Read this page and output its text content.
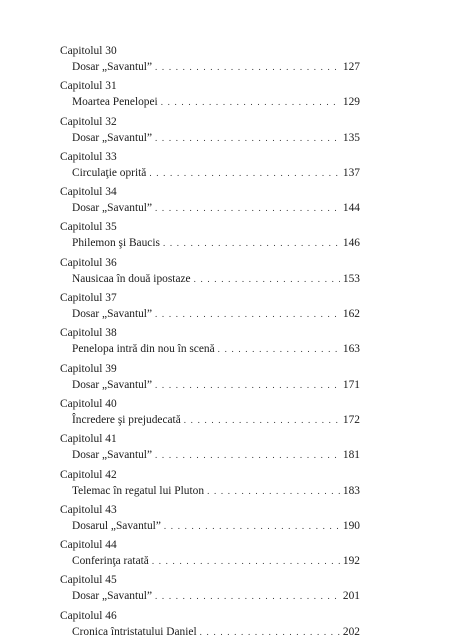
Capitolul 30
Dosar „Savantul” . . .	127
Capitolul 31
Moartea Penelopei . . .	129
Capitolul 32
Dosar „Savantul” . . .	135
Capitolul 33
Circulaţie oprită . . .	137
Capitolul 34
Dosar „Savantul” . . .	144
Capitolul 35
Philemon şi Baucis . . .	146
Capitolul 36
Nausicaa în două ipostaze . . .	153
Capitolul 37
Dosar „Savantul” . . .	162
Capitolul 38
Penelopa intră din nou în scenă . . .	163
Capitolul 39
Dosar „Savantul” . . .	171
Capitolul 40
Încredere şi prejudecată . . .	172
Capitolul 41
Dosar „Savantul” . . .	181
Capitolul 42
Telemac în regatul lui Pluton . . .	183
Capitolul 43
Dosarul „Savantul” . . .	190
Capitolul 44
Conferinţa ratată . . .	192
Capitolul 45
Dosar „Savantul” . . .	201
Capitolul 46
Cronica întristatului Daniel . . .	202
